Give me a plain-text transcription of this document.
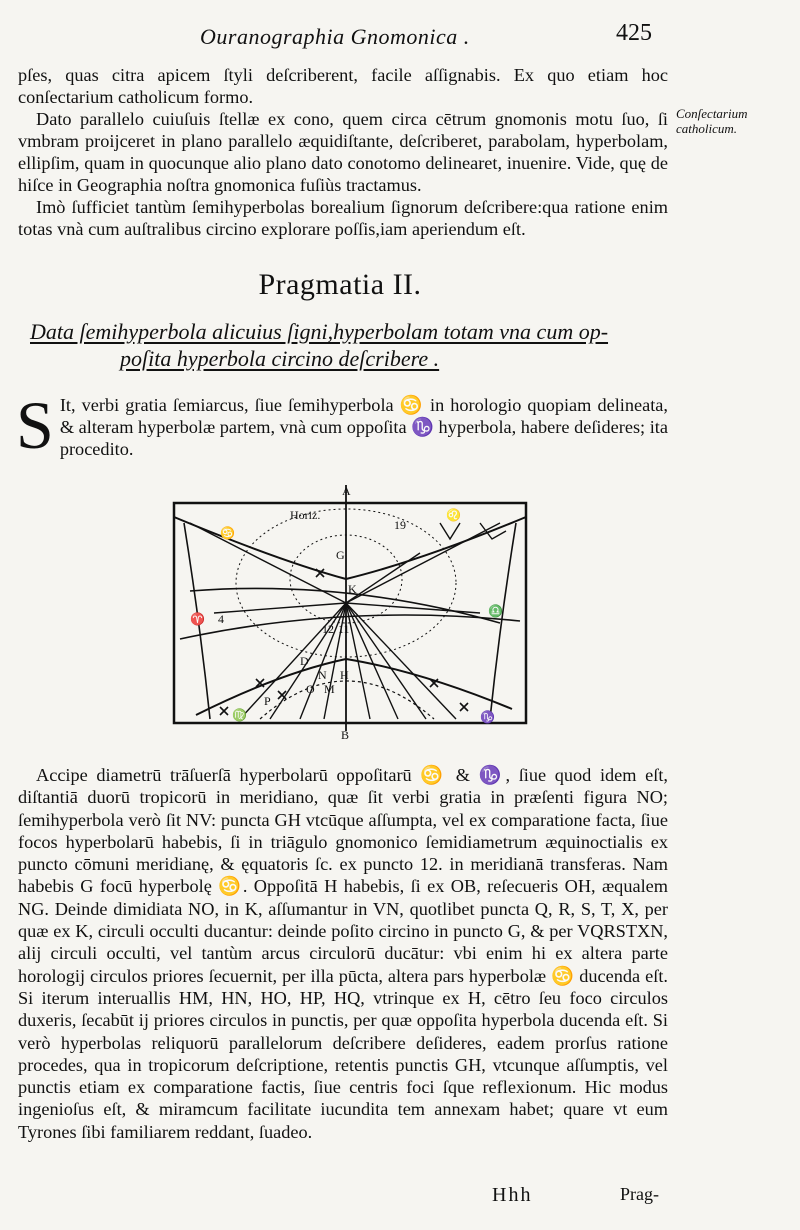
Ouranographia Gnomonica .	425
pſes, quas citra apicem ſtyli deſcriberent, facile aſſignabis. Ex quo etiam hoc conſectarium catholicum formo.
Dato parallelo cuiuſuis ſtellæ ex cono, quem circa cētrum gnomonis motu ſuo, ſi vmbram proijceret in plano parallelo æquidiſtante, deſcriberet, parabolam, hyperbolam, ellipſim, quam in quocunque alio plano dato conotomo delinearet, inuenire. Vide, quę de hiſce in Geographia noſtra gnomonica fuſiùs tractamus.
Conſectarium catholicum.
Imò ſufficiet tantùm ſemihyperbolas borealium ſignorum deſcribere:qua ratione enim totas vnà cum auſtralibus circino explorare poſſis,iam aperiendum eſt.
Pragmatia II.
Data ſemihyperbola alicuius ſigni,hyperbolam totam vna cum op-
poſita hyperbola circino deſcribere .
S It, verbi gratia ſemiarcus, ſiue ſemihyperbola ♋ in horologio quopiam delineata, & alteram hyperbolæ partem, vnà cum oppoſita ♑ hyperbola, habere deſideres; ita procedito.
A
B
Horiz.
19
4
12 11
G
H
K
N
M
P
O
D
♈
♎
♋
♑
♌
♍
Accipe diametrū trāſuerſā hyperbolarū oppoſitarū ♋ & ♑, ſiue quod idem eſt, diſtantiā duorū tropicorū in meridiano, quæ ſit verbi gratia in præſenti figura NO; ſemihyperbola verò ſit NV: puncta GH vtcūque aſſumpta, vel ex comparatione facta, ſiue focos hyperbolarū habebis, ſi in triāgulo gnomonico ſemidiametrum æquinoctialis ex puncto cōmuni meridianę, & ęquatoris ſc. ex puncto 12. in meridianā transferas. Nam habebis G focū hyperbolę ♋. Oppoſitā H habebis, ſi ex OB, reſecueris OH, æqualem NG. Deinde dimidiata NO, in K, aſſumantur in VN, quotlibet puncta Q, R, S, T, X, per quæ ex K, circuli occulti ducantur: deinde poſito circino in puncto G, & per VQRSTXN, alij circuli occulti, vel tantùm arcus circulorū ducātur: vbi enim hi ex altera parte horologij circulos priores ſecuernit, per illa pūcta, altera pars hyperbolæ ♋ ducenda eſt. Si iterum interuallis HM, HN, HO, HP, HQ, vtrinque ex H, cētro ſeu foco circulos duxeris, ſecabūt ij priores circulos in punctis, per quæ oppoſita hyperbola ducenda eſt. Si verò hyperbolas reliquorū parallelorum deſcribere deſideres, eadem prorſus ratione procedes, qua in tropicorum deſcriptione, retentis punctis GH, vtcunque aſſumptis, vel punctis etiam ex comparatione factis, ſiue centris foci ſque reflexionum. Hic modus ingenioſus eſt, & miramcum facilitate iucundita tem annexam habet; quare vt eum Tyrones ſibi familiarem reddant, ſuadeo.
Hhh	Prag-
